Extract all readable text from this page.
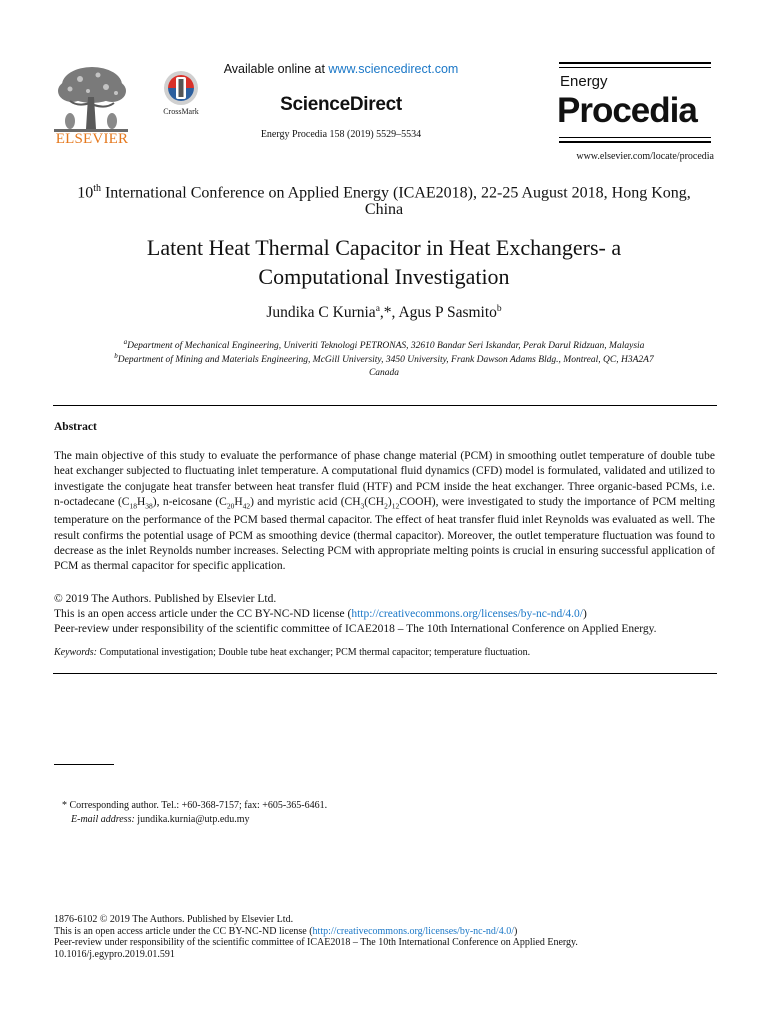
ELSEVIER
CrossMark
Available online at www.sciencedirect.com
ScienceDirect
Energy Procedia 158 (2019) 5529–5534
Energy
Procedia
www.elsevier.com/locate/procedia
10th International Conference on Applied Energy (ICAE2018), 22-25 August 2018, Hong Kong,
China
Latent Heat Thermal Capacitor in Heat Exchangers- a
Computational Investigation
Jundika C Kurnia$^a$,*, Agus P Sasmito$^b$
$^a$Department of Mechanical Engineering, Univeriti Teknologi PETRONAS, 32610 Bandar Seri Iskandar, Perak Darul Ridzuan, Malaysia
$^b$Department of Mining and Materials Engineering, McGill University, 3450 University, Frank Dawson Adams Bldg., Montreal, QC, H3A2A7
Canada
Abstract
The main objective of this study to evaluate the performance of phase change material (PCM) in smoothing outlet temperature of double tube heat exchanger subjected to fluctuating inlet temperature. A computational fluid dynamics (CFD) model is formulated, validated and utilized to investigate the conjugate heat transfer between heat transfer fluid (HTF) and PCM inside the heat exchanger. Three organic-based PCMs, i.e. n-octadecane $(C_{18}H_{38})$, n-eicosane $(C_{20}H_{42})$ and myristic acid $(CH_3(CH_2)_{12}COOH)$, were investigated to study the importance of PCM melting temperature on the performance of the PCM based thermal capacitor. The effect of heat transfer fluid inlet Reynolds was evaluated as well. The result confirms the potential usage of PCM as smoothing device (thermal capacitor). Moreover, the outlet temperature fluctuation was found to decrease as the inlet Reynolds number increases. Selecting PCM with appropriate melting points is crucial in ensuring successful application of PCM as thermal capacitor for specific application.
© 2019 The Authors. Published by Elsevier Ltd.
This is an open access article under the CC BY-NC-ND license (http://creativecommons.org/licenses/by-nc-nd/4.0/)
Peer-review under responsibility of the scientific committee of ICAE2018 – The 10th International Conference on Applied Energy.
Keywords: Computational investigation; Double tube heat exchanger; PCM thermal capacitor; temperature fluctuation.
* Corresponding author. Tel.: +60-368-7157; fax: +605-365-6461.
E-mail address: jundika.kurnia@utp.edu.my
1876-6102 © 2019 The Authors. Published by Elsevier Ltd.
This is an open access article under the CC BY-NC-ND license (http://creativecommons.org/licenses/by-nc-nd/4.0/)
Peer-review under responsibility of the scientific committee of ICAE2018 – The 10th International Conference on Applied Energy.
10.1016/j.egypro.2019.01.591
